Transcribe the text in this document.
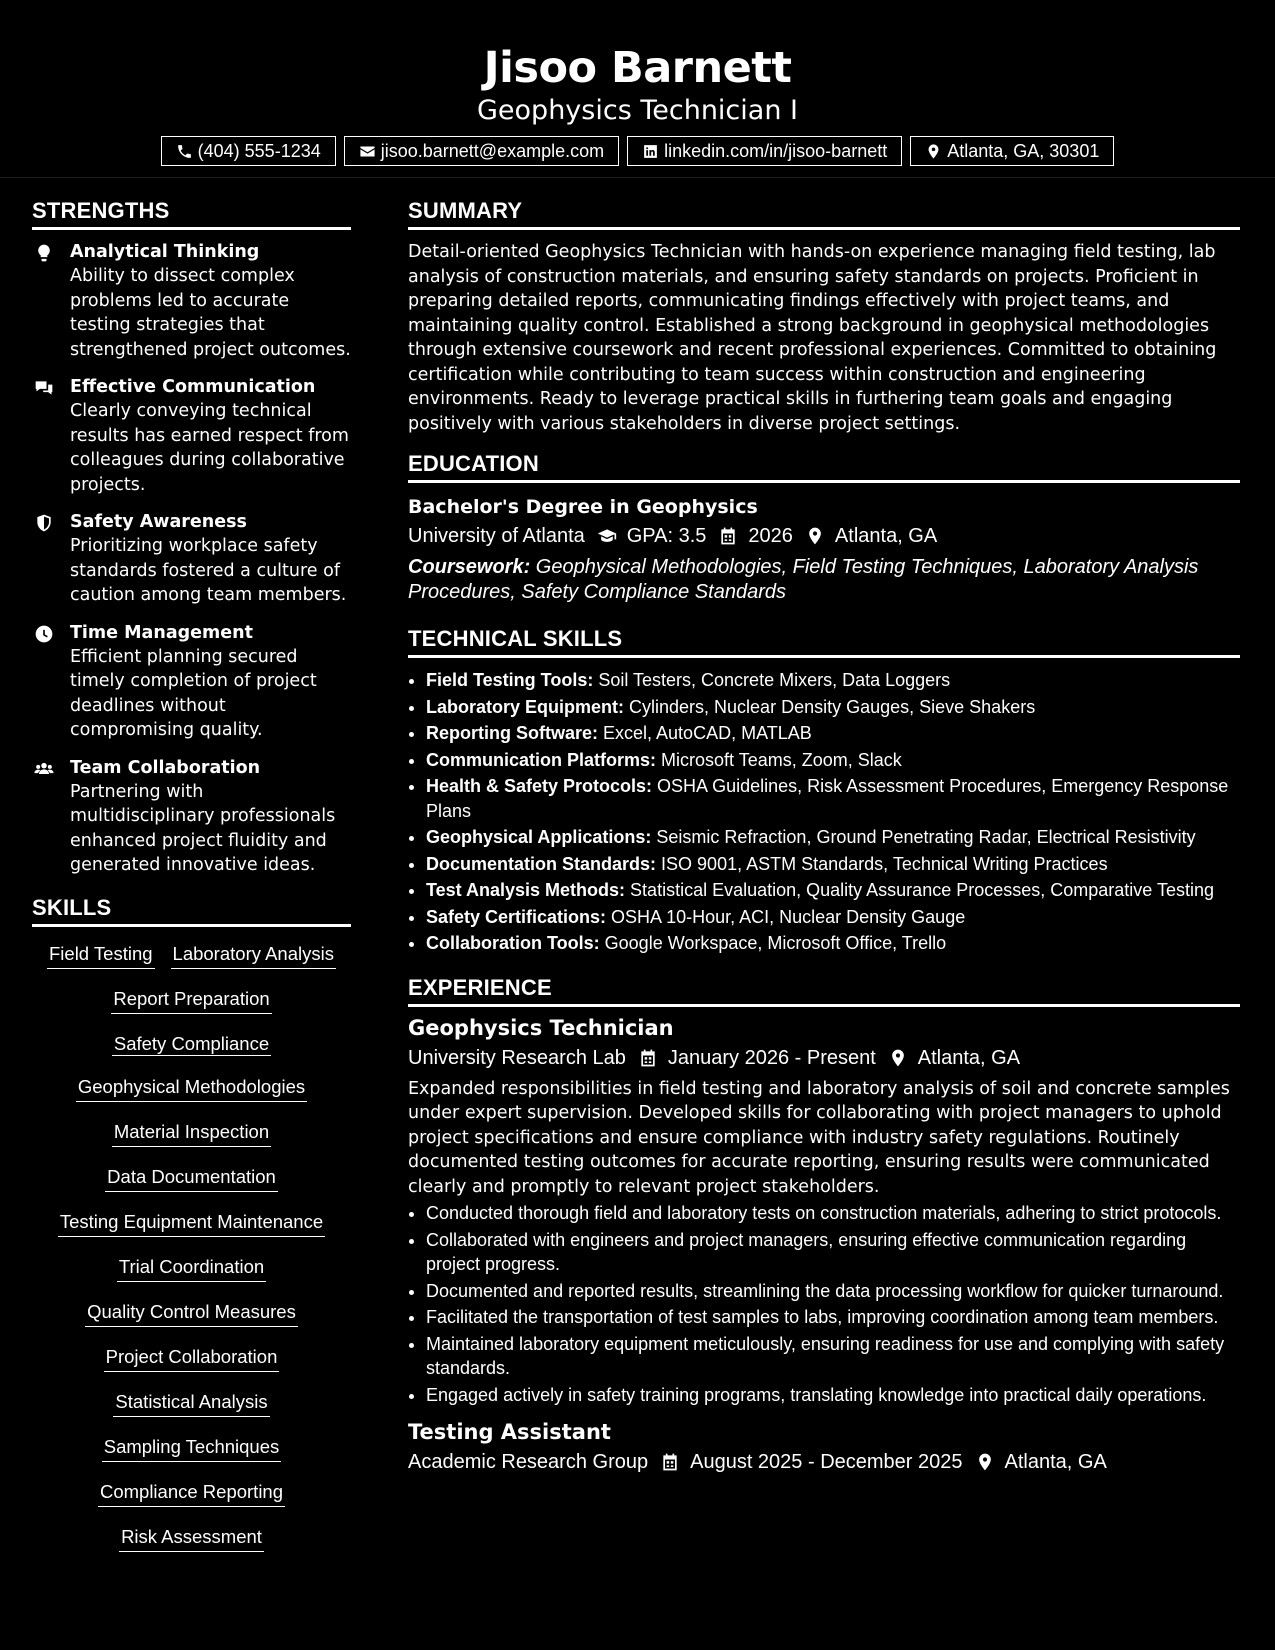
Jisoo Barnett
Geophysics Technician I
(404) 555-1234	jisoo.barnett@example.com	linkedin.com/in/jisoo-barnett	Atlanta, GA, 30301
STRENGTHS
Analytical Thinking
Ability to dissect complex problems led to accurate testing strategies that strengthened project outcomes.
Effective Communication
Clearly conveying technical results has earned respect from colleagues during collaborative projects.
Safety Awareness
Prioritizing workplace safety standards fostered a culture of caution among team members.
Time Management
Efficient planning secured timely completion of project deadlines without compromising quality.
Team Collaboration
Partnering with multidisciplinary professionals enhanced project fluidity and generated innovative ideas.
SKILLS
Field Testing Laboratory Analysis
Report Preparation
Safety Compliance
Geophysical Methodologies
Material Inspection
Data Documentation
Testing Equipment Maintenance
Trial Coordination
Quality Control Measures
Project Collaboration
Statistical Analysis
Sampling Techniques
Compliance Reporting
Risk Assessment
SUMMARY
Detail-oriented Geophysics Technician with hands-on experience managing field testing, lab analysis of construction materials, and ensuring safety standards on projects. Proficient in preparing detailed reports, communicating findings effectively with project teams, and maintaining quality control. Established a strong background in geophysical methodologies through extensive coursework and recent professional experiences. Committed to obtaining certification while contributing to team success within construction and engineering environments. Ready to leverage practical skills in furthering team goals and engaging positively with various stakeholders in diverse project settings.
EDUCATION
Bachelor's Degree in Geophysics
University of Atlanta GPA: 3.5 2026 Atlanta, GA
Coursework: Geophysical Methodologies, Field Testing Techniques, Laboratory Analysis Procedures, Safety Compliance Standards
TECHNICAL SKILLS
• Field Testing Tools: Soil Testers, Concrete Mixers, Data Loggers
• Laboratory Equipment: Cylinders, Nuclear Density Gauges, Sieve Shakers
• Reporting Software: Excel, AutoCAD, MATLAB
• Communication Platforms: Microsoft Teams, Zoom, Slack
• Health & Safety Protocols: OSHA Guidelines, Risk Assessment Procedures, Emergency Response Plans
• Geophysical Applications: Seismic Refraction, Ground Penetrating Radar, Electrical Resistivity
• Documentation Standards: ISO 9001, ASTM Standards, Technical Writing Practices
• Test Analysis Methods: Statistical Evaluation, Quality Assurance Processes, Comparative Testing
• Safety Certifications: OSHA 10-Hour, ACI, Nuclear Density Gauge
• Collaboration Tools: Google Workspace, Microsoft Office, Trello
EXPERIENCE
Geophysics Technician
University Research Lab January 2026 - Present Atlanta, GA
Expanded responsibilities in field testing and laboratory analysis of soil and concrete samples under expert supervision. Developed skills for collaborating with project managers to uphold project specifications and ensure compliance with industry safety regulations. Routinely documented testing outcomes for accurate reporting, ensuring results were communicated clearly and promptly to relevant project stakeholders.
• Conducted thorough field and laboratory tests on construction materials, adhering to strict protocols.
• Collaborated with engineers and project managers, ensuring effective communication regarding project progress.
• Documented and reported results, streamlining the data processing workflow for quicker turnaround.
• Facilitated the transportation of test samples to labs, improving coordination among team members.
• Maintained laboratory equipment meticulously, ensuring readiness for use and complying with safety standards.
• Engaged actively in safety training programs, translating knowledge into practical daily operations.
Testing Assistant
Academic Research Group August 2025 - December 2025 Atlanta, GA
